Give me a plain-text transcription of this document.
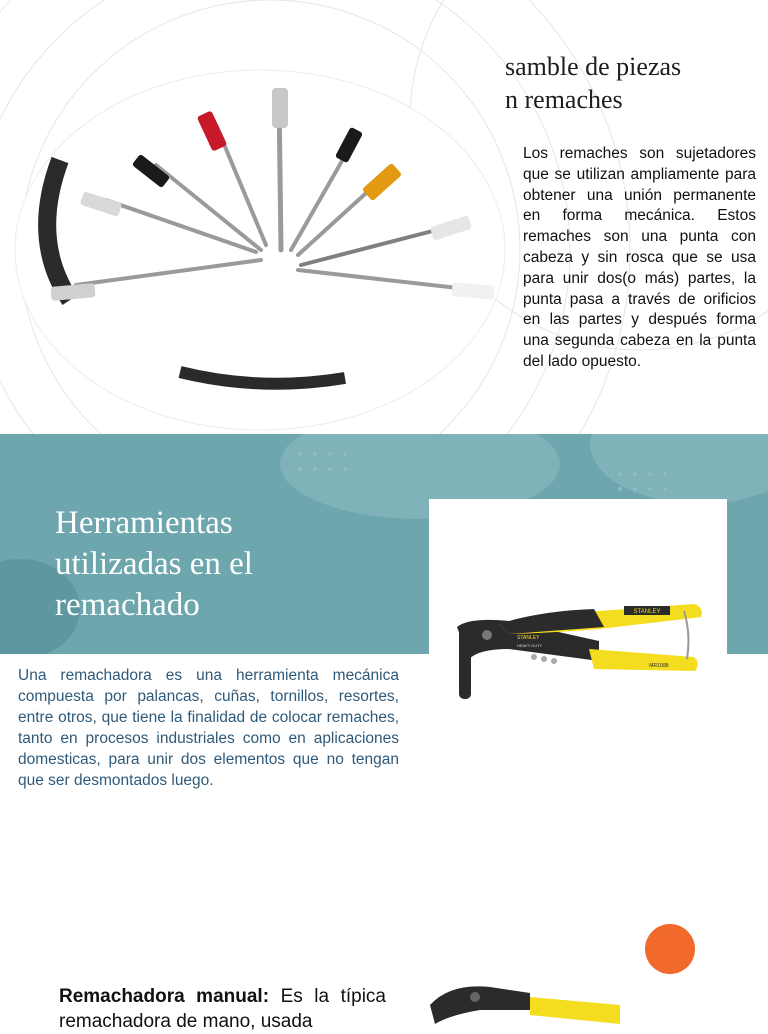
samble de piezas
n remaches
Los remaches son sujetadores que se utilizan ampliamente para obtener una unión permanente en forma mecánica. Estos remaches son una punta con cabeza y sin rosca que se usa para unir dos(o más) partes, la punta pasa a través de orificios en las partes y después forma una segunda cabeza en la punta del lado opuesto.
Herramientas
utilizadas en el
remachado	STANLEY
STANLEY
HEAVY DUTY
MR100B
Una remachadora es una herramienta mecánica compuesta por palancas, cuñas, tornillos, resortes, entre otros, que tiene la finalidad de colocar remaches, tanto en procesos industriales como en aplicaciones domesticas, para unir dos elementos que no tengan que ser desmontados luego.
Remachadora manual: Es la típica remachadora de mano, usada
